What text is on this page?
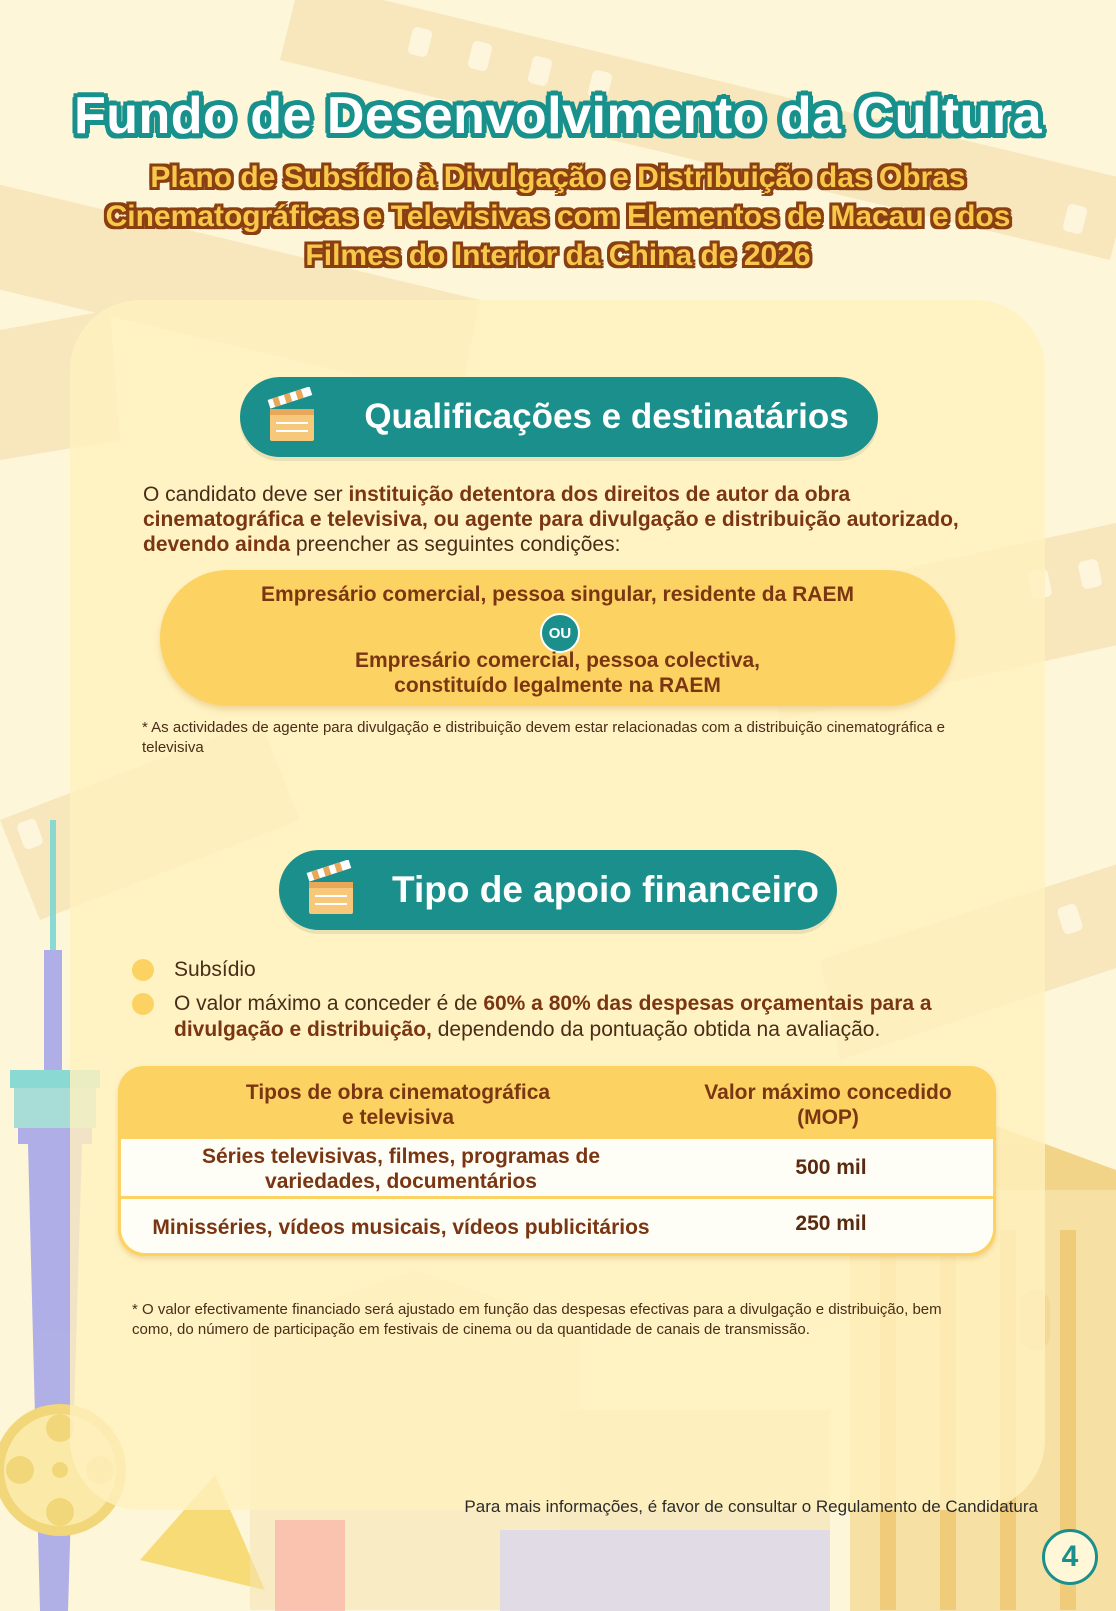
Fundo de Desenvolvimento da Cultura
Plano de Subsídio à Divulgação e Distribuição das Obras
Cinematográficas e Televisivas com Elementos de Macau e dos
Filmes do Interior da China de 2026
Qualificações e destinatários
O candidato deve ser instituição detentora dos direitos de autor da obra cinematográfica e televisiva, ou agente para divulgação e distribuição autorizado, devendo ainda preencher as seguintes condições:
Empresário comercial, pessoa singular, residente da RAEM
OU
Empresário comercial, pessoa colectiva,
constituído legalmente na RAEM
* As actividades de agente para divulgação e distribuição devem estar relacionadas com a distribuição cinematográfica e televisiva
Tipo de apoio financeiro
Subsídio
O valor máximo a conceder é de 60% a 80% das despesas orçamentais para a divulgação e distribuição, dependendo da pontuação obtida na avaliação.
Tipos de obra cinematográfica
e televisiva
Valor máximo concedido
(MOP)
Séries televisivas, filmes, programas de
variedades, documentários
500 mil
Minisséries, vídeos musicais, vídeos publicitários	250 mil
* O valor efectivamente financiado será ajustado em função das despesas efectivas para a divulgação e distribuição, bem como, do número de participação em festivais de cinema ou da quantidade de canais de transmissão.
Para mais informações, é favor de consultar o Regulamento de Candidatura
4
